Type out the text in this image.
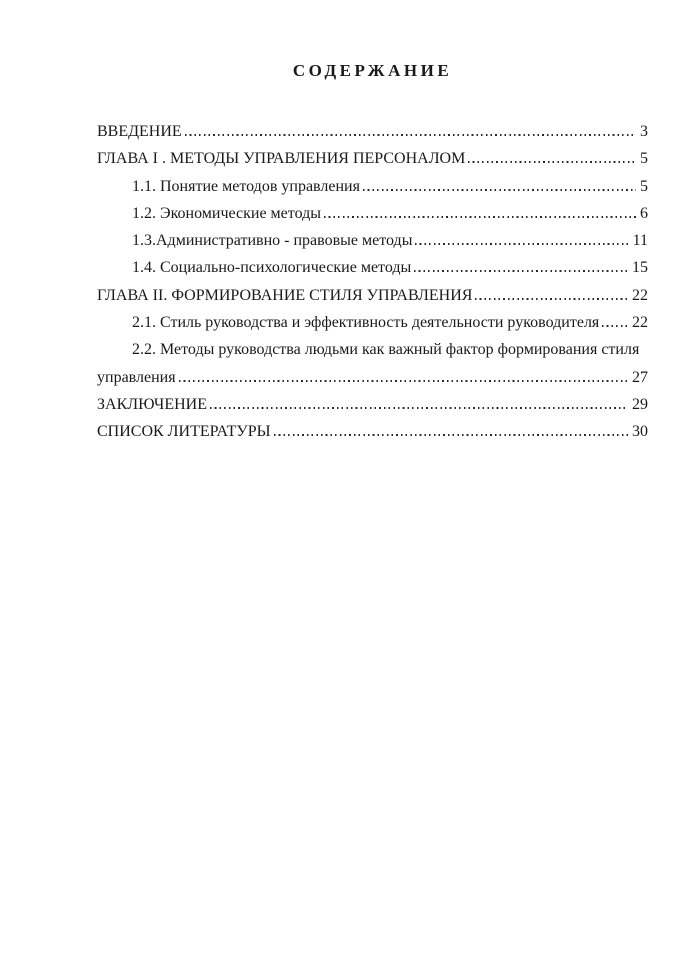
СОДЕРЖАНИЕ
ВВЕДЕНИЕ	3
ГЛАВА I . МЕТОДЫ УПРАВЛЕНИЯ ПЕРСОНАЛОМ	5
1.1. Понятие методов управления	5
1.2. Экономические методы	6
1.3.Административно - правовые методы	11
1.4. Социально-психологические методы	15
ГЛАВА II. ФОРМИРОВАНИЕ СТИЛЯ УПРАВЛЕНИЯ	22
2.1. Стиль руководства и эффективность деятельности руководителя 22
2.2. Методы руководства людьми как важный фактор формирования стиля
управления	27
ЗАКЛЮЧЕНИЕ	29
СПИСОК ЛИТЕРАТУРЫ	30
